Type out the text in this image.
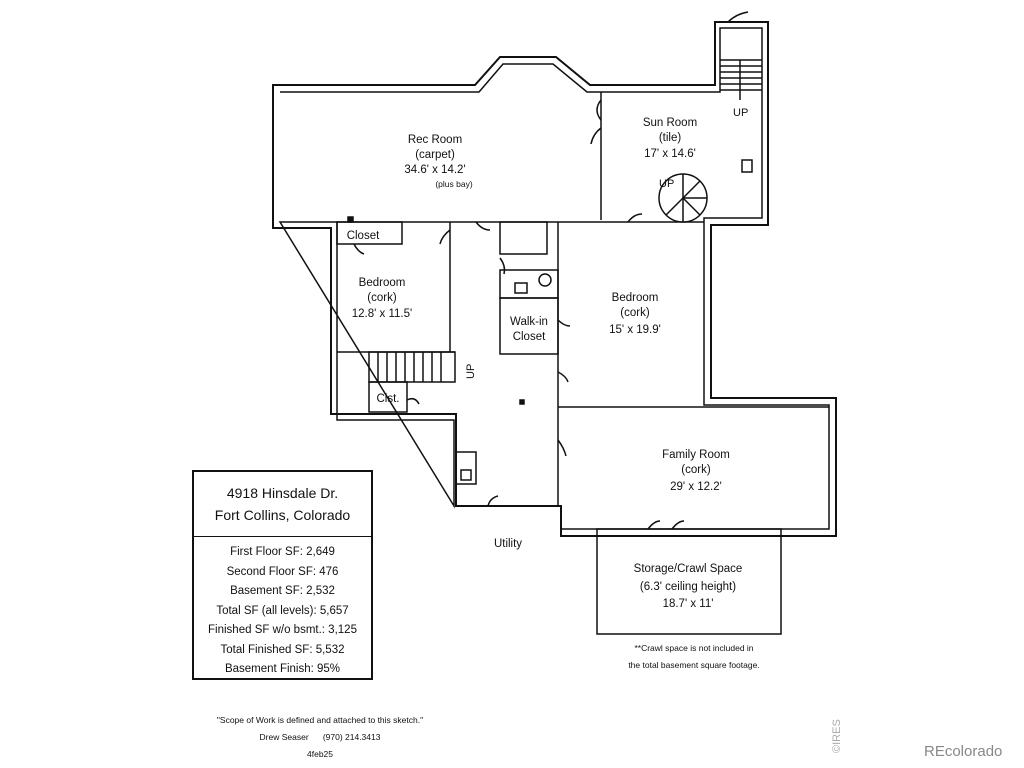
Rec Room
(carpet)
34.6' x 14.2'
(plus bay)
Sun Room
(tile)
17' x 14.6'
Closet
Bedroom
(cork)
12.8' x 11.5'
Walk-in
Closet
Bedroom
(cork)
15' x 19.9'
Clst.
Family Room
(cork)
29' x 12.2'
Utility
Storage/Crawl Space
(6.3' ceiling height)
18.7' x 11'
UP
UP
UP
4918 Hinsdale Dr.
Fort Collins, Colorado
First Floor SF: 2,649
Second Floor SF: 476
Basement SF: 2,532
Total SF (all levels): 5,657
Finished SF w/o bsmt.: 3,125
Total Finished SF: 5,532
Basement Finish: 95%
**Crawl space is not included in
the total basement square footage.
"Scope of Work is defined and attached to this sketch."
Drew Seaser      (970) 214.3413
4feb25
©IRES	REcolorado
